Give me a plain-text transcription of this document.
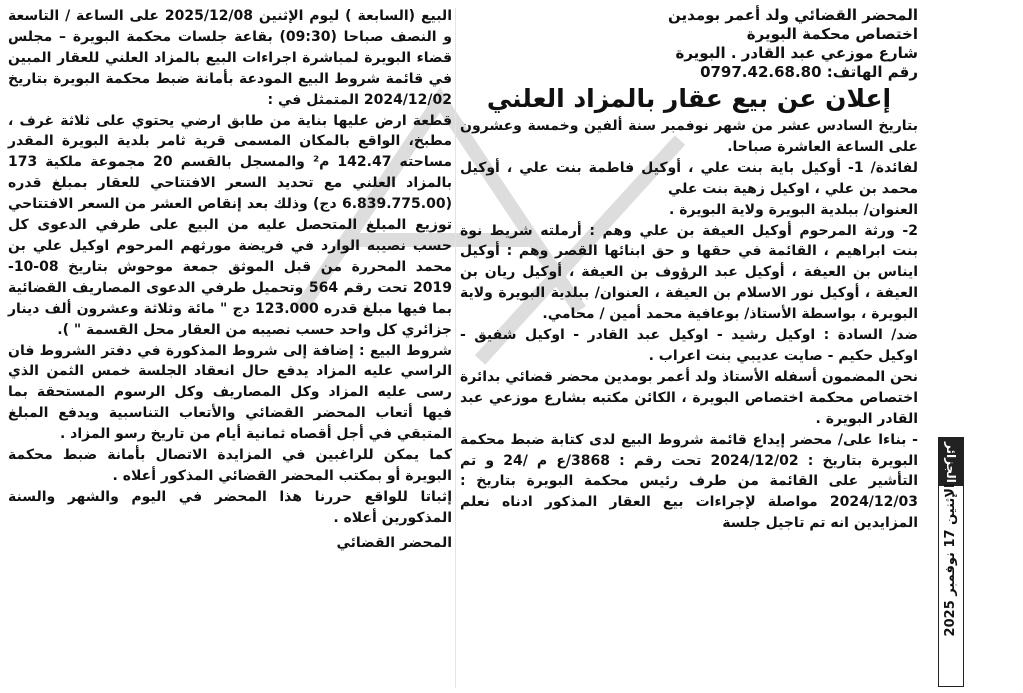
المحضر القضائي ولد أعمر بومدين

اختصاص محكمة البويرة

شارع موزعي عبد القادر . البويرة

رقم الهاتف: 0797.42.68.80

إعلان عن بيع عقار بالمزاد العلني

بتاريخ السادس عشر من شهر نوفمبر سنة ألفين وخمسة وعشرون على الساعة العاشرة صباحا.

لفائدة/ 1- أوكيل باية بنت علي ، أوكيل فاطمة بنت علي ، أوكيل محمد بن علي ، اوكيل زهية بنت علي

العنوان/ ببلدية البويرة ولاية البويرة .

2- ورثة المرحوم أوكيل العيفة بن علي وهم : أرملته شريط نوة بنت ابراهيم ، القائمة في حقها و حق ابنائها القصر وهم : أوكيل ايناس بن العيفة ، أوكيل عبد الرؤوف بن العيفة ، أوكيل ريان بن العيفة ، أوكيل نور الاسلام بن العيفة ، العنوان/ ببلدية البويرة ولاية البويرة ، بواسطة الأستاذ/ بوعافية محمد أمين / محامي.

ضد/ السادة : اوكيل رشيد - اوكيل عبد القادر - اوكيل شفيق - اوكيل حكيم - صايت عديبي بنت اعراب .

نحن المضمون أسفله الأستاذ ولد أعمر بومدين محضر قضائي بدائرة اختصاص محكمة اختصاص البويرة ، الكائن مكتبه بشارع موزعي عبد القادر البويرة .

- بناءا على/ محضر إيداع قائمة شروط البيع لدى كتابة ضبط محكمة البويرة بتاريخ : 2024/12/02 تحت رقم : 3868/ع م /24 و تم التأشير على القائمة من طرف رئيس محكمة البويرة بتاريخ : 2024/12/03 مواصلة لإجراءات بيع العقار المذكور ادناه نعلم المزايدين انه تم تاجيل جلسة

البيع (السابعة ) ليوم الإثنين 2025/12/08 على الساعة / التاسعة و النصف صباحا (09:30) بقاعة جلسات محكمة البويرة – مجلس قضاء البويرة لمباشرة اجراءات البيع بالمزاد العلني للعقار المبين في قائمة شروط البيع المودعة بأمانة ضبط محكمة البويرة بتاريخ 2024/12/02 المتمثل في :

قطعة ارض عليها بناية من طابق ارضي يحتوي على ثلاثة غرف ، مطبخ، الواقع بالمكان المسمى قرية ثامر بلدية البويرة المقدر مساحته 142.47 م² والمسجل بالقسم 20 مجموعة ملكية 173 بالمزاد العلني مع تحديد السعر الافتتاحي للعقار بمبلغ قدره (6.839.775.00 دج) وذلك بعد إنقاص العشر من السعر الافتتاحي توزيع المبلغ المتحصل عليه من البيع على طرفي الدعوى كل حسب نصيبه الوارد في فريضة مورثهم المرحوم اوكيل علي بن محمد المحررة من قبل الموثق جمعة موحوش بتاريخ 08-10-2019 تحت رقم 564 وتحميل طرفي الدعوى المصاريف القضائية بما فيها مبلغ قدره 123.000 دج " مائة وثلاثة وعشرون ألف دينار جزائري كل واحد حسب نصيبه من العقار محل القسمة " ).

شروط البيع : إضافة إلى شروط المذكورة في دفتر الشروط فان الراسي عليه المزاد يدفع حال انعقاد الجلسة خمس الثمن الذي رسى عليه المزاد وكل المصاريف وكل الرسوم المستحقة بما فيها أتعاب المحضر القضائي والأتعاب التناسبية ويدفع المبلغ المتبقي في أجل أقصاه ثمانية أيام من تاريخ رسو المزاد .

كما يمكن للراغبين في المزايدة الاتصال بأمانة ضبط محكمة البويرة أو بمكتب المحضر القضائي المذكور أعلاه .

إثباتا للواقع حررنا هذا المحضر في اليوم والشهر والسنة المذكورين أعلاه .

المحضر القضائي

الجزائر
الإثنين 17 نوفمبر 2025
